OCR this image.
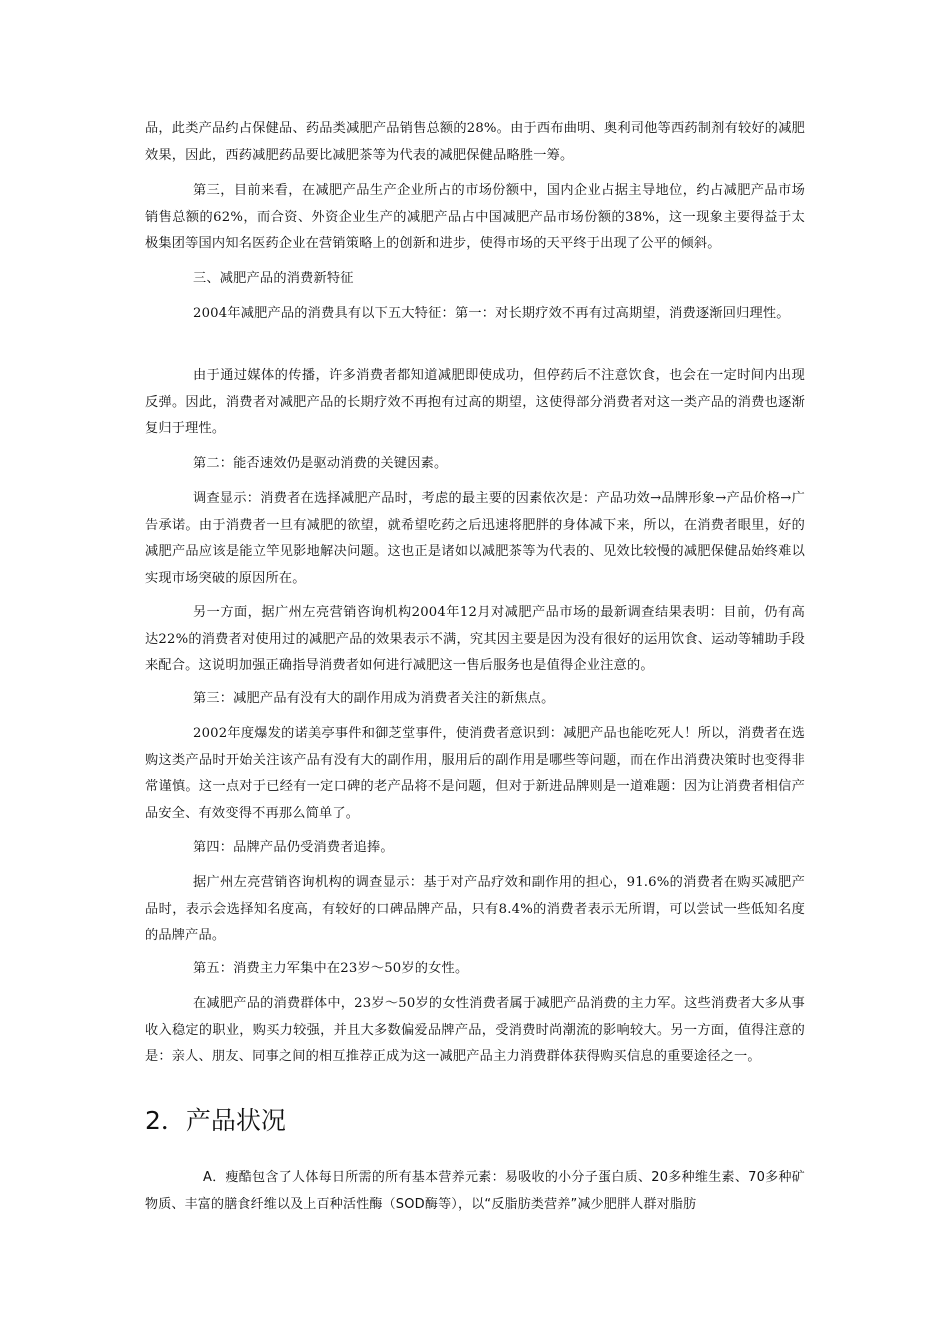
品，此类产品约占保健品、药品类减肥产品销售总额的28%。由于西布曲明、奥利司他等西药制剂有较好的减肥效果，因此，西药减肥药品要比减肥茶等为代表的减肥保健品略胜一筹。

第三，目前来看，在减肥产品生产企业所占的市场份额中，国内企业占据主导地位，约占减肥产品市场销售总额的62%，而合资、外资企业生产的减肥产品占中国减肥产品市场份额的38%，这一现象主要得益于太极集团等国内知名医药企业在营销策略上的创新和进步，使得市场的天平终于出现了公平的倾斜。

三、减肥产品的消费新特征

2004年减肥产品的消费具有以下五大特征：第一：对长期疗效不再有过高期望，消费逐渐回归理性。

由于通过媒体的传播，许多消费者都知道减肥即使成功，但停药后不注意饮食，也会在一定时间内出现反弹。因此，消费者对减肥产品的长期疗效不再抱有过高的期望，这使得部分消费者对这一类产品的消费也逐渐复归于理性。

第二：能否速效仍是驱动消费的关键因素。

调查显示：消费者在选择减肥产品时，考虑的最主要的因素依次是：产品功效→品牌形象→产品价格→广告承诺。由于消费者一旦有减肥的欲望，就希望吃药之后迅速将肥胖的身体减下来，所以，在消费者眼里，好的减肥产品应该是能立竿见影地解决问题。这也正是诸如以减肥茶等为代表的、见效比较慢的减肥保健品始终难以实现市场突破的原因所在。

另一方面，据广州左亮营销咨询机构2004年12月对减肥产品市场的最新调查结果表明：目前，仍有高达22%的消费者对使用过的减肥产品的效果表示不满，究其因主要是因为没有很好的运用饮食、运动等辅助手段来配合。这说明加强正确指导消费者如何进行减肥这一售后服务也是值得企业注意的。

第三：减肥产品有没有大的副作用成为消费者关注的新焦点。

2002年度爆发的诺美亭事件和御芝堂事件，使消费者意识到：减肥产品也能吃死人！所以，消费者在选购这类产品时开始关注该产品有没有大的副作用，服用后的副作用是哪些等问题，而在作出消费决策时也变得非常谨慎。这一点对于已经有一定口碑的老产品将不是问题，但对于新进品牌则是一道难题：因为让消费者相信产品安全、有效变得不再那么简单了。

第四：品牌产品仍受消费者追捧。

据广州左亮营销咨询机构的调查显示：基于对产品疗效和副作用的担心，91.6%的消费者在购买减肥产品时，表示会选择知名度高，有较好的口碑品牌产品，只有8.4%的消费者表示无所谓，可以尝试一些低知名度的品牌产品。

第五：消费主力军集中在23岁～50岁的女性。

在减肥产品的消费群体中，23岁～50岁的女性消费者属于减肥产品消费的主力军。这些消费者大多从事收入稳定的职业，购买力较强，并且大多数偏爱品牌产品，受消费时尚潮流的影响较大。另一方面，值得注意的是：亲人、朋友、同事之间的相互推荐正成为这一减肥产品主力消费群体获得购买信息的重要途径之一。

2．产品状况

A．瘦酷包含了人体每日所需的所有基本营养元素：易吸收的小分子蛋白质、20多种维生素、70多种矿物质、丰富的膳食纤维以及上百种活性酶（SOD酶等），以“反脂肪类营养”减少肥胖人群对脂肪
